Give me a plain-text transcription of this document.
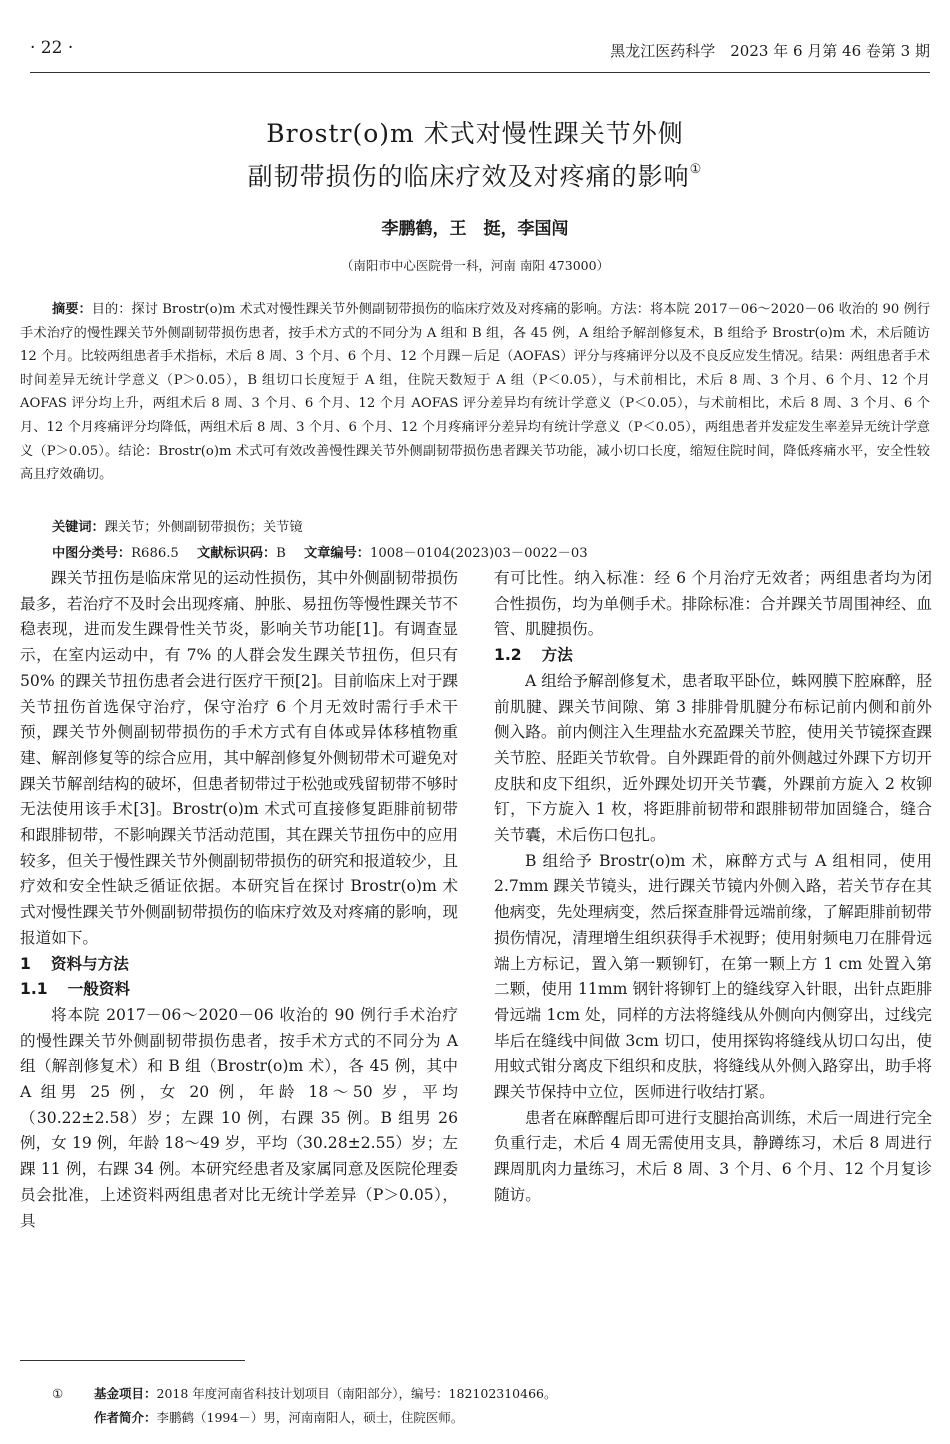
· 22 ·	黑龙江医药科学　2023 年 6 月第 46 卷第 3 期
Brostr(o)m 术式对慢性踝关节外侧
副韧带损伤的临床疗效及对疼痛的影响①
李鹏鹤，王　挺，李国闯
（南阳市中心医院骨一科，河南 南阳 473000）

摘要：目的：探讨 Brostr(o)m 术式对慢性踝关节外侧副韧带损伤的临床疗效及对疼痛的影响。方法：将本院 2017－06～2020－06 收治的 90 例行手术治疗的慢性踝关节外侧副韧带损伤患者，按手术方式的不同分为 A 组和 B 组，各 45 例，A 组给予解剖修复术，B 组给予 Brostr(o)m 术，术后随访 12 个月。比较两组患者手术指标，术后 8 周、3 个月、6 个月、12 个月踝－后足（AOFAS）评分与疼痛评分以及不良反应发生情况。结果：两组患者手术时间差异无统计学意义（P＞0.05），B 组切口长度短于 A 组，住院天数短于 A 组（P＜0.05），与术前相比，术后 8 周、3 个月、6 个月、12 个月 AOFAS 评分均上升，两组术后 8 周、3 个月、6 个月、12 个月 AOFAS 评分差异均有统计学意义（P＜0.05），与术前相比，术后 8 周、3 个月、6 个月、12 个月疼痛评分均降低，两组术后 8 周、3 个月、6 个月、12 个月疼痛评分差异均有统计学意义（P＜0.05），两组患者并发症发生率差异无统计学意义（P＞0.05）。结论：Brostr(o)m 术式可有效改善慢性踝关节外侧副韧带损伤患者踝关节功能，减小切口长度，缩短住院时间，降低疼痛水平，安全性较高且疗效确切。

关键词：踝关节；外侧副韧带损伤；关节镜
中图分类号：R686.5 文献标识码：B 文章编号：1008－0104(2023)03－0022－03

踝关节扭伤是临床常见的运动性损伤，其中外侧副韧带损伤最多，若治疗不及时会出现疼痛、肿胀、易扭伤等慢性踝关节不稳表现，进而发生踝骨性关节炎，影响关节功能[1]。有调查显示，在室内运动中，有 7% 的人群会发生踝关节扭伤，但只有 50% 的踝关节扭伤患者会进行医疗干预[2]。目前临床上对于踝关节扭伤首选保守治疗，保守治疗 6 个月无效时需行手术干预，踝关节外侧副韧带损伤的手术方式有自体或异体移植物重建、解剖修复等的综合应用，其中解剖修复外侧韧带术可避免对踝关节解剖结构的破坏，但患者韧带过于松弛或残留韧带不够时无法使用该手术[3]。Brostr(o)m 术式可直接修复距腓前韧带和跟腓韧带，不影响踝关节活动范围，其在踝关节扭伤中的应用较多，但关于慢性踝关节外侧副韧带损伤的研究和报道较少，且疗效和安全性缺乏循证依据。本研究旨在探讨 Brostr(o)m 术式对慢性踝关节外侧副韧带损伤的临床疗效及对疼痛的影响，现报道如下。

1 资料与方法
1.1 一般资料

将本院 2017－06～2020－06 收治的 90 例行手术治疗的慢性踝关节外侧副韧带损伤患者，按手术方式的不同分为 A 组（解剖修复术）和 B 组（Brostr(o)m 术），各 45 例，其中 A 组男 25 例，女 20 例，年龄 18～50 岁，平均（30.22±2.58）岁；左踝 10 例，右踝 35 例。B 组男 26 例，女 19 例，年龄 18～49 岁，平均（30.28±2.55）岁；左踝 11 例，右踝 34 例。本研究经患者及家属同意及医院伦理委员会批准，上述资料两组患者对比无统计学差异（P＞0.05），具

有可比性。纳入标准：经 6 个月治疗无效者；两组患者均为闭合性损伤，均为单侧手术。排除标准：合并踝关节周围神经、血管、肌腱损伤。

1.2 方法

A 组给予解剖修复术，患者取平卧位，蛛网膜下腔麻醉，胫前肌腱、踝关节间隙、第 3 排腓骨肌腱分布标记前内侧和前外侧入路。前内侧注入生理盐水充盈踝关节腔，使用关节镜探查踝关节腔、胫距关节软骨。自外踝距骨的前外侧越过外踝下方切开皮肤和皮下组织，近外踝处切开关节囊，外踝前方旋入 2 枚铆钉，下方旋入 1 枚，将距腓前韧带和跟腓韧带加固缝合，缝合关节囊，术后伤口包扎。

B 组给予 Brostr(o)m 术，麻醉方式与 A 组相同，使用 2.7mm 踝关节镜头，进行踝关节镜内外侧入路，若关节存在其他病变，先处理病变，然后探查腓骨远端前缘，了解距腓前韧带损伤情况，清理增生组织获得手术视野；使用射频电刀在腓骨远端上方标记，置入第一颗铆钉，在第一颗上方 1 cm 处置入第二颗，使用 11mm 钢针将铆钉上的缝线穿入针眼，出针点距腓骨远端 1cm 处，同样的方法将缝线从外侧向内侧穿出，过线完毕后在缝线中间做 3cm 切口，使用探钩将缝线从切口勾出，使用蚊式钳分离皮下组织和皮肤，将缝线从外侧入路穿出，助手将踝关节保持中立位，医师进行收结打紧。

患者在麻醉醒后即可进行支腿抬高训练，术后一周进行完全负重行走，术后 4 周无需使用支具，静蹲练习，术后 8 周进行踝周肌肉力量练习，术后 8 周、3 个月、6 个月、12 个月复诊随访。

①	基金项目：2018 年度河南省科技计划项目（南阳部分），编号：182102310466。
作者简介：李鹏鹤（1994－）男，河南南阳人，硕士，住院医师。
